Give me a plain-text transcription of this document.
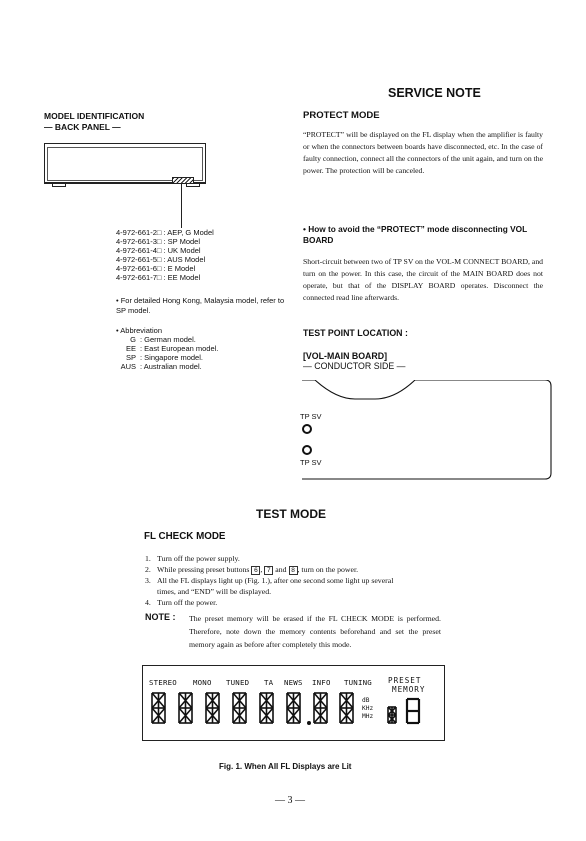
SERVICE NOTE
MODEL IDENTIFICATION
— BACK PANEL —
4-972-661-2□ : AEP, G Model
4-972-661-3□ : SP Model
4-972-661-4□ : UK Model
4-972-661-5□ : AUS Model
4-972-661-6□ : E Model
4-972-661-7□ : EE Model
• For detailed Hong Kong, Malaysia model, refer to SP model.
• Abbreviation
G	: German model.
EE	: East European model.
SP	: Singapore model.
AUS	: Australian model.
PROTECT MODE
“PROTECT” will be displayed on the FL display when the amplifier is faulty or when the connectors between boards have disconnected, etc. In the case of faulty connection, connect all the connectors of the unit again, and turn on the power. The protection will be canceled.
• How to avoid the “PROTECT” mode disconnecting VOL BOARD
Short-circuit between two of TP SV on the VOL-M CONNECT BOARD, and turn on the power. In this case, the circuit of the MAIN BOARD does not operate, but that of the DISPLAY BOARD operates. Disconnect the connected read line afterwards.
TEST POINT LOCATION :
[VOL-MAIN BOARD]
— CONDUCTOR SIDE —
TP SV
TP SV
TEST MODE
FL CHECK MODE
1. Turn off the power supply.
2. While pressing preset buttons 6 , 7 and 8 , turn on the power.
3. All the FL displays light up (Fig. 1.), after one second some light up several
times, and “END” will be displayed.
4. Turn off the power.
NOTE : The preset memory will be erased if the FL CHECK MODE is performed. Therefore, note down the memory contents beforehand and set the preset memory again as before after completely this mode.
STEREO MONO TUNED TA NEWS INFO TUNING	PRESET
MEMORY
dB
KHz
MHz
Fig. 1. When All FL Displays are Lit
— 3 —
